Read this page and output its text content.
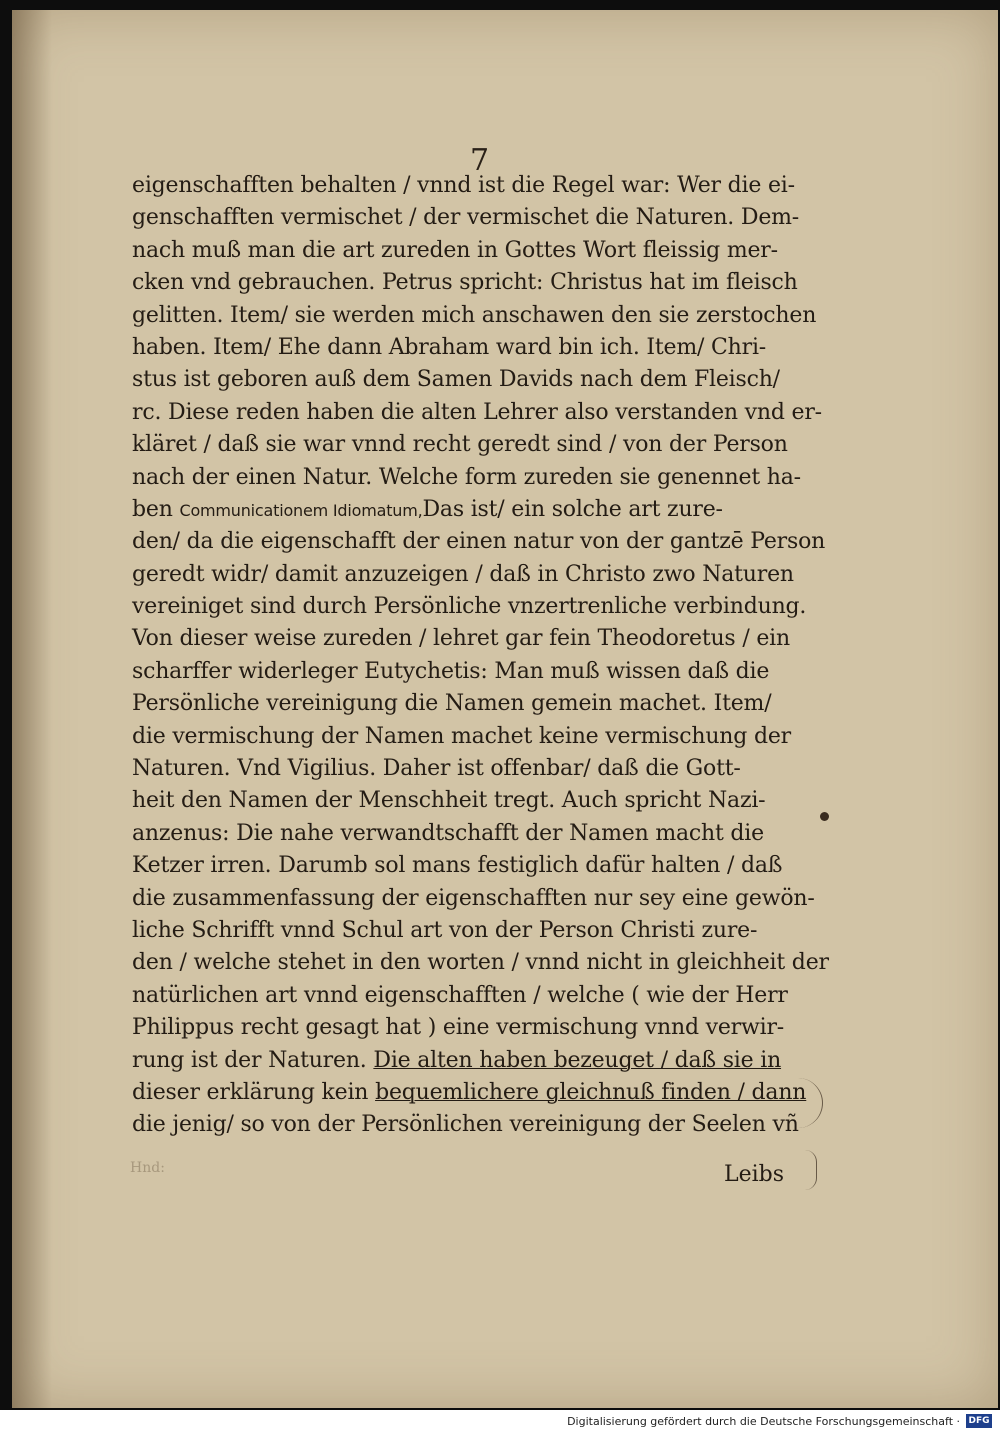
7
eigenschafften behalten / vnnd ist die Regel war: Wer die ei-
genschafften vermischet / der vermischet die Naturen. Dem-
nach muß man die art zureden in Gottes Wort fleissig mer-
cken vnd gebrauchen. Petrus spricht: Christus hat im fleisch
gelitten. Item/ sie werden mich anschawen den sie zerstochen
haben. Item/ Ehe dann Abraham ward bin ich. Item/ Chri-
stus ist geboren auß dem Samen Davids nach dem Fleisch/
rc. Diese reden haben die alten Lehrer also verstanden vnd er-
kläret / daß sie war vnnd recht geredt sind / von der Person
nach der einen Natur. Welche form zureden sie genennet ha-
ben Communicationem Idiomatum,Das ist/ ein solche art zure-
den/ da die eigenschafft der einen natur von der gantzē Person
geredt widr/ damit anzuzeigen / daß in Christo zwo Naturen
vereiniget sind durch Persönliche vnzertrenliche verbindung.
Von dieser weise zureden / lehret gar fein Theodoretus / ein
scharffer widerleger Eutychetis: Man muß wissen daß die
Persönliche vereinigung die Namen gemein machet. Item/
die vermischung der Namen machet keine vermischung der
Naturen. Vnd Vigilius. Daher ist offenbar/ daß die Gott-
heit den Namen der Menschheit tregt. Auch spricht Nazi-
anzenus: Die nahe verwandtschafft der Namen macht die
Ketzer irren. Darumb sol mans festiglich dafür halten / daß
die zusammenfassung der eigenschafften nur sey eine gewön-
liche Schrifft vnnd Schul art von der Person Christi zure-
den / welche stehet in den worten / vnnd nicht in gleichheit der
natürlichen art vnnd eigenschafften / welche ( wie der Herr
Philippus recht gesagt hat ) eine vermischung vnnd verwir-
rung ist der Naturen. Die alten haben bezeuget / daß sie in
dieser erklärung kein bequemlichere gleichnuß finden / dann
die jenig/ so von der Persönlichen vereinigung der Seelen vñ
Hnd:	Leibs
Digitalisierung gefördert durch die Deutsche Forschungsgemeinschaft · DFG
